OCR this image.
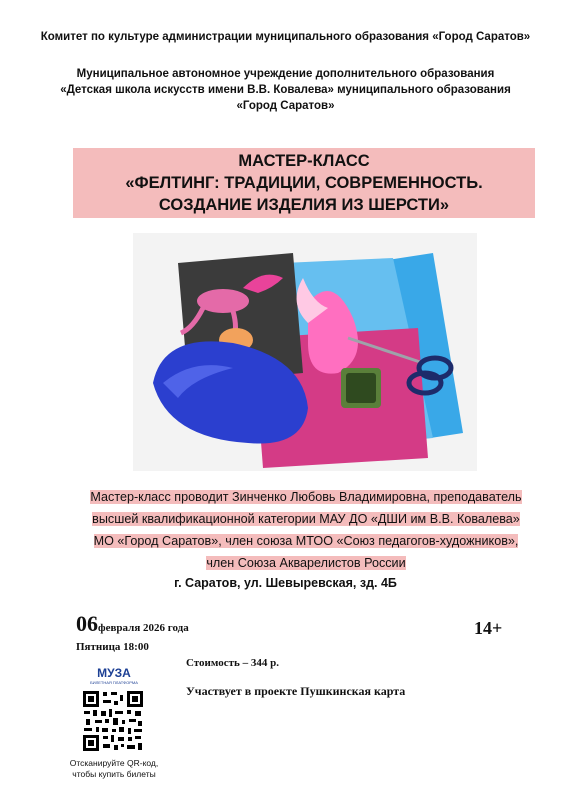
Комитет по культуре администрации муниципального образования «Город Саратов»
Муниципальное автономное учреждение дополнительного образования
«Детская школа искусств имени В.В. Ковалева» муниципального образования
«Город Саратов»
МАСТЕР-КЛАСС
«ФЕЛТИНГ: ТРАДИЦИИ, СОВРЕМЕННОСТЬ.
СОЗДАНИЕ ИЗДЕЛИЯ ИЗ ШЕРСТИ»
Мастер-класс проводит Зинченко Любовь Владимировна, преподаватель
высшей квалификационной категории МАУ ДО «ДШИ им В.В. Ковалева»
МО «Город Саратов», член союза МТОО «Союз педагогов-художников»,
член Союза Акварелистов России
г. Саратов, ул. Шевыревская, зд. 4Б
06февраля 2026 года
Пятница 18:00
14+
Стоимость – 344 р.
Участвует в проекте Пушкинская карта
МУЗА
БИЛЕТНАЯ ПЛАТФОРМА
Отсканируйте QR-код,
чтобы купить билеты
